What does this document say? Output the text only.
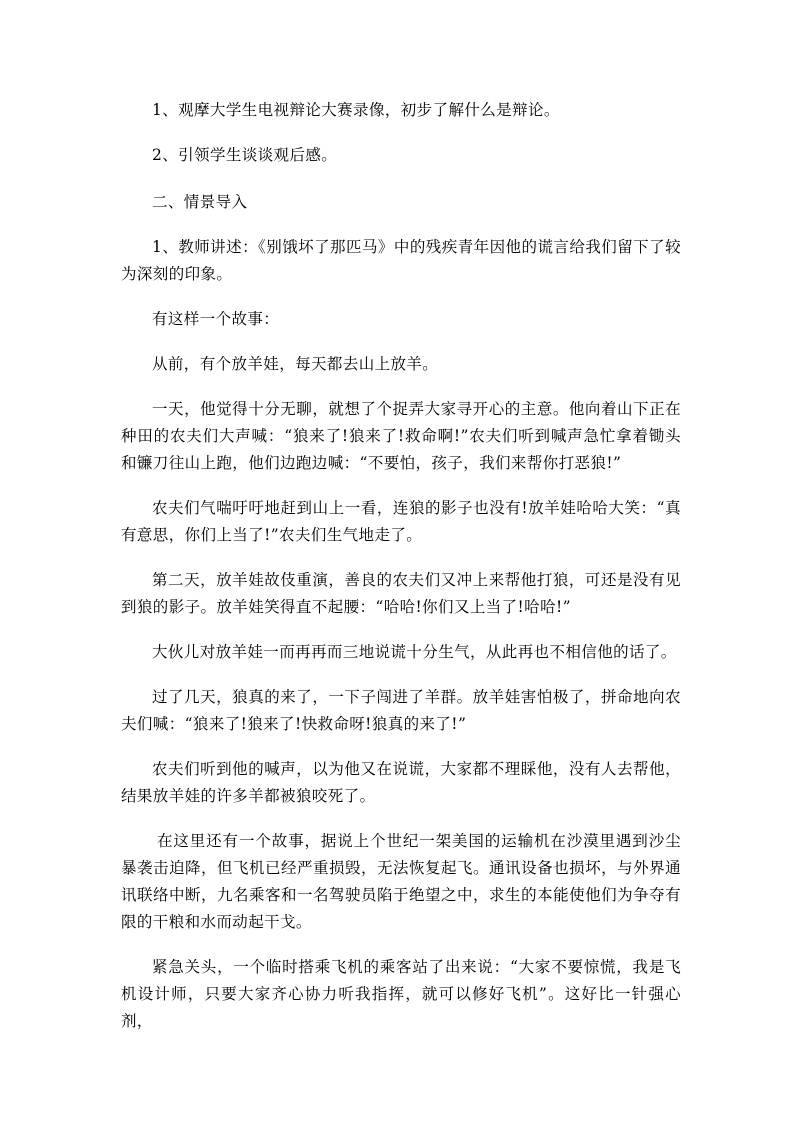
1、观摩大学生电视辩论大赛录像，初步了解什么是辩论。

2、引领学生谈谈观后感。

二、情景导入

1、教师讲述：《别饿坏了那匹马》中的残疾青年因他的谎言给我们留下了较为深刻的印象。

有这样一个故事：

从前，有个放羊娃，每天都去山上放羊。

一天，他觉得十分无聊，就想了个捉弄大家寻开心的主意。他向着山下正在种田的农夫们大声喊：“狼来了!狼来了!救命啊!”农夫们听到喊声急忙拿着锄头和镰刀往山上跑，他们边跑边喊：“不要怕，孩子，我们来帮你打恶狼!”

农夫们气喘吁吁地赶到山上一看，连狼的影子也没有!放羊娃哈哈大笑：“真有意思，你们上当了!”农夫们生气地走了。

第二天，放羊娃故伎重演，善良的农夫们又冲上来帮他打狼，可还是没有见到狼的影子。放羊娃笑得直不起腰：“哈哈!你们又上当了!哈哈!”

大伙儿对放羊娃一而再再而三地说谎十分生气，从此再也不相信他的话了。

过了几天，狼真的来了，一下子闯进了羊群。放羊娃害怕极了，拼命地向农夫们喊：“狼来了!狼来了!快救命呀!狼真的来了!”

农夫们听到他的喊声，以为他又在说谎，大家都不理睬他，没有人去帮他，结果放羊娃的许多羊都被狼咬死了。

在这里还有一个故事，据说上个世纪一架美国的运输机在沙漠里遇到沙尘暴袭击迫降，但飞机已经严重损毁，无法恢复起飞。通讯设备也损坏，与外界通讯联络中断，九名乘客和一名驾驶员陷于绝望之中，求生的本能使他们为争夺有限的干粮和水而动起干戈。

紧急关头，一个临时搭乘飞机的乘客站了出来说：“大家不要惊慌，我是飞机设计师，只要大家齐心协力听我指挥，就可以修好飞机”。这好比一针强心剂，
